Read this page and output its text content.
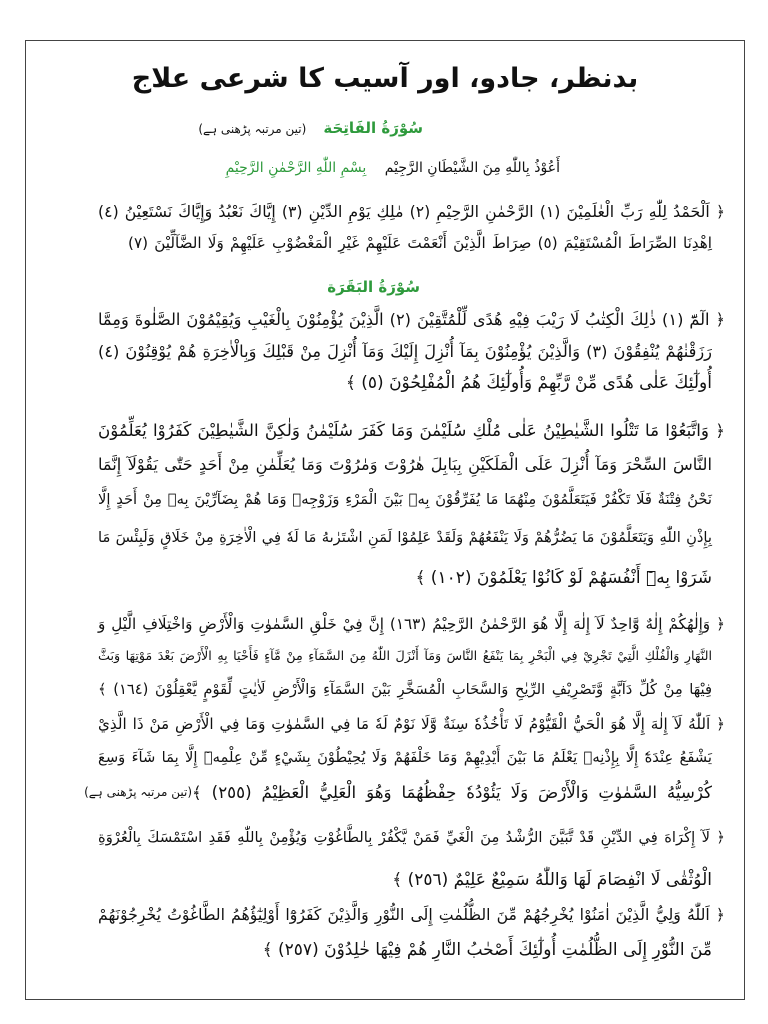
بدنظر، جادو، اور آسیب کا شرعی علاج
سُوْرَةُ الفَاتِحَة (تین مرتبہ پڑھنی ہے)
أَعُوْذُ بِاللّٰهِ مِنَ الشَّيْطَانِ الرَّجِيْم بِسْمِ اللّٰهِ الرَّحْمٰنِ الرَّحِيْمِ
﴿ اَلْحَمْدُ لِلّٰهِ رَبِّ الْعٰلَمِيْنَ (١) الرَّحْمٰنِ الرَّحِيْمِ (٢) مٰلِكِ يَوْمِ الدِّيْنِ (٣) إِيَّاكَ نَعْبُدُ وَإِيَّاكَ نَسْتَعِيْنُ (٤)
اِهْدِنَا الصِّرَاطَ الْمُسْتَقِيْمَ (٥) صِرَاطَ الَّذِيْنَ أَنْعَمْتَ عَلَيْهِمْ غَيْرِ الْمَغْضُوْبِ عَلَيْهِمْ وَلَا الضَّآلِّيْنَ (٧)
سُوْرَةُ البَقَرَة
﴿ الٓمّٓ (١) ذٰلِكَ الْكِتٰبُ لَا رَيْبَ فِيْهِ هُدًى لِّلْمُتَّقِيْنَ (٢) الَّذِيْنَ يُؤْمِنُوْنَ بِالْغَيْبِ وَيُقِيْمُوْنَ الصَّلٰوةَ وَمِمَّا
رَزَقْنٰهُمْ يُنْفِقُوْنَ (٣) وَالَّذِيْنَ يُؤْمِنُوْنَ بِمَآ أُنْزِلَ إِلَيْكَ وَمَآ أُنْزِلَ مِنْ قَبْلِكَ وَبِالْاٰخِرَةِ هُمْ يُوْقِنُوْنَ (٤)
أُولٰٓئِكَ عَلٰى هُدًى مِّنْ رَّبِّهِمْ وَأُولٰٓئِكَ هُمُ الْمُفْلِحُوْنَ (٥) ﴾
﴿ وَاتَّبَعُوْا مَا تَتْلُوا الشَّيٰطِيْنُ عَلٰى مُلْكِ سُلَيْمٰنَ وَمَا كَفَرَ سُلَيْمٰنُ وَلٰكِنَّ الشَّيٰطِيْنَ كَفَرُوْا يُعَلِّمُوْنَ
النَّاسَ السِّحْرَ وَمَآ أُنْزِلَ عَلَى الْمَلَكَيْنِ بِبَابِلَ هٰرُوْتَ وَمٰرُوْتَ وَمَا يُعَلِّمٰنِ مِنْ أَحَدٍ حَتّٰى يَقُوْلَآ إِنَّمَا
نَحْنُ فِتْنَةٌ فَلَا تَكْفُرْ فَيَتَعَلَّمُوْنَ مِنْهُمَا مَا يُفَرِّقُوْنَ بِهٖ بَيْنَ الْمَرْءِ وَزَوْجِهٖ وَمَا هُمْ بِضَآرِّيْنَ بِهٖ مِنْ أَحَدٍ إِلَّا
بِإِذْنِ اللّٰهِ وَيَتَعَلَّمُوْنَ مَا يَضُرُّهُمْ وَلَا يَنْفَعُهُمْ وَلَقَدْ عَلِمُوْا لَمَنِ اشْتَرٰىهُ مَا لَهٗ فِي الْاٰخِرَةِ مِنْ خَلَاقٍ وَلَبِئْسَ مَا
شَرَوْا بِهٖٓ أَنْفُسَهُمْ لَوْ كَانُوْا يَعْلَمُوْنَ (١٠٢) ﴾
﴿ وَإِلٰهُكُمْ إِلٰهٌ وَّاحِدٌ لَآ إِلٰهَ إِلَّا هُوَ الرَّحْمٰنُ الرَّحِيْمُ (١٦٣) إِنَّ فِيْ خَلْقِ السَّمٰوٰتِ وَالْأَرْضِ وَاخْتِلَافِ الَّيْلِ وَ
النَّهَارِ وَالْفُلْكِ الَّتِيْ تَجْرِيْ فِي الْبَحْرِ بِمَا يَنْفَعُ النَّاسَ وَمَآ أَنْزَلَ اللّٰهُ مِنَ السَّمَآءِ مِنْ مَّآءٍ فَأَحْيَا بِهِ الْأَرْضَ بَعْدَ مَوْتِهَا وَبَثَّ
فِيْهَا مِنْ كُلِّ دَآبَّةٍ وَّتَصْرِيْفِ الرِّيٰحِ وَالسَّحَابِ الْمُسَخَّرِ بَيْنَ السَّمَآءِ وَالْأَرْضِ لَاٰيٰتٍ لِّقَوْمٍ يَّعْقِلُوْنَ (١٦٤) ﴾
﴿ اَللّٰهُ لَآ إِلٰهَ إِلَّا هُوَ الْحَيُّ الْقَيُّوْمُ لَا تَأْخُذُهٗ سِنَةٌ وَّلَا نَوْمٌ لَهٗ مَا فِي السَّمٰوٰتِ وَمَا فِي الْأَرْضِ مَنْ ذَا الَّذِيْ
يَشْفَعُ عِنْدَهٗٓ إِلَّا بِإِذْنِهٖ يَعْلَمُ مَا بَيْنَ أَيْدِيْهِمْ وَمَا خَلْفَهُمْ وَلَا يُحِيْطُوْنَ بِشَيْءٍ مِّنْ عِلْمِهٖٓ إِلَّا بِمَا شَآءَ وَسِعَ
كُرْسِيُّهُ السَّمٰوٰتِ وَالْأَرْضَ وَلَا يَئُوْدُهٗ حِفْظُهُمَا وَهُوَ الْعَلِيُّ الْعَظِيْمُ (٢٥٥) ﴾
(تین مرتبہ پڑھنی ہے)
﴿ لَآ إِكْرَاهَ فِي الدِّيْنِ قَدْ تَّبَيَّنَ الرُّشْدُ مِنَ الْغَيِّ فَمَنْ يَّكْفُرْ بِالطَّاغُوْتِ وَيُؤْمِنْ بِاللّٰهِ فَقَدِ اسْتَمْسَكَ بِالْعُرْوَةِ
الْوُثْقٰى لَا انْفِصَامَ لَهَا وَاللّٰهُ سَمِيْعٌ عَلِيْمٌ (٢٥٦) ﴾
﴿ اَللّٰهُ وَلِيُّ الَّذِيْنَ اٰمَنُوْا يُخْرِجُهُمْ مِّنَ الظُّلُمٰتِ إِلَى النُّوْرِ وَالَّذِيْنَ كَفَرُوْٓا أَوْلِيٰٓؤُهُمُ الطَّاغُوْتُ يُخْرِجُوْنَهُمْ
مِّنَ النُّوْرِ إِلَى الظُّلُمٰتِ أُولٰٓئِكَ أَصْحٰبُ النَّارِ هُمْ فِيْهَا خٰلِدُوْنَ (٢٥٧) ﴾
